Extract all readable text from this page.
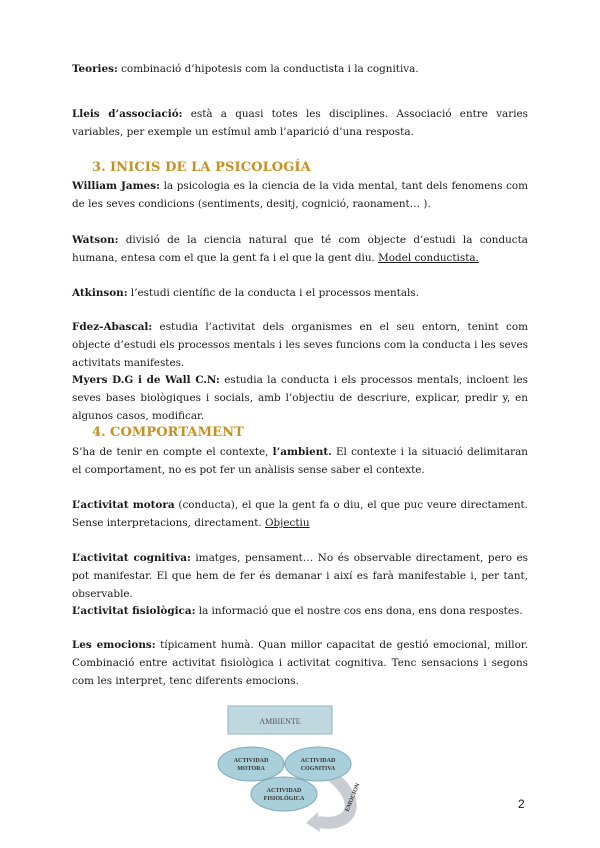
Teories: combinació d’hipotesis com la conductista i la cognitiva.

Lleis d’associació: està a quasi totes les disciplines. Associació entre varies variables, per exemple un estímul amb l’aparició d’una resposta.

3. INICIS DE LA PSICOLOGÍA

William James: la psicologia es la ciencia de la vida mental, tant dels fenomens com de les seves condicions (sentiments, desitj, cognició, raonament… ).

Watson: divisió de la ciencia natural que té com objecte d’estudi la conducta humana, entesa com el que la gent fa i el que la gent diu. Model conductista.

Atkinson: l’estudi científic de la conducta i el processos mentals.

Fdez-Abascal: estudia l’activitat dels organismes en el seu entorn, tenint com objecte d’estudi els processos mentals i les seves funcions com la conducta i les seves activitats manifestes.

Myers D.G i de Wall C.N: estudia la conducta i els processos mentals, incloent les seves bases biològiques i socials, amb l’objectiu de descriure, explicar, predir y, en algunos casos, modificar.

4. COMPORTAMENT

S’ha de tenir en compte el contexte, l’ambient. El contexte i la situació delimitaran el comportament, no es pot fer un anàlisis sense saber el contexte.

L’activitat motora (conducta), el que la gent fa o diu, el que puc veure directament. Sense interpretacions, directament. Objectiu

L’activitat cognitiva: imatges, pensament… No és observable directament, pero es pot manifestar. El que hem de fer és demanar i així es farà manifestable i, per tant, observable.

L’activitat fisiològica: la informació que el nostre cos ens dona, ens dona respostes.

Les emocions: típicament humà. Quan millor capacitat de gestió emocional, millor. Combinació entre activitat fisiològica i activitat cognitiva. Tenc sensacions i segons com les interpret, tenc diferents emocions.

AMBIENTE
ACTIVIDAD
MOTORA
ACTIVIDAD
COGNITIVA
ACTIVIDAD
FISIOLÓGICA	EMOCION	2
